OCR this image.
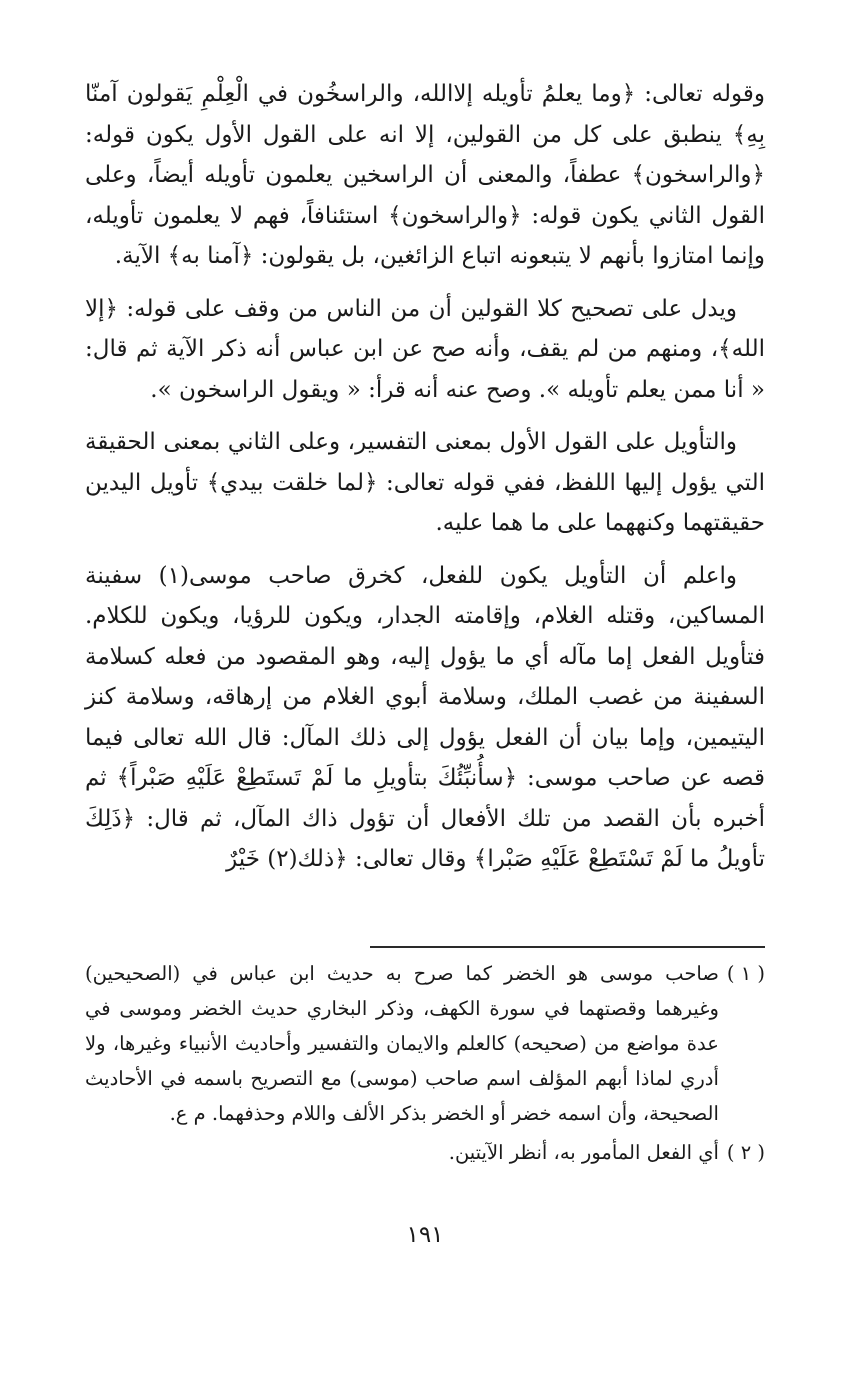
وقوله تعالى: ﴿وما يعلمُ تأويله إلاالله، والراسخُون في الْعِلْمِ يَقولون آمنّا بِهِ﴾ ينطبق على كل من القولين، إلا انه على القول الأول يكون قوله: ﴿والراسخون﴾ عطفاً، والمعنى أن الراسخين يعلمون تأويله أيضاً، وعلى القول الثاني يكون قوله: ﴿والراسخون﴾ استئنافاً، فهم لا يعلمون تأويله، وإنما امتازوا بأنهم لا يتبعونه اتباع الزائغين، بل يقولون: ﴿آمنا به﴾ الآية.

ويدل على تصحيح كلا القولين أن من الناس من وقف على قوله: ﴿إلا الله﴾، ومنهم من لم يقف، وأنه صح عن ابن عباس أنه ذكر الآية ثم قال: « أنا ممن يعلم تأويله ». وصح عنه أنه قرأ: « ويقول الراسخون ».

والتأويل على القول الأول بمعنى التفسير، وعلى الثاني بمعنى الحقيقة التي يؤول إليها اللفظ، ففي قوله تعالى: ﴿لما خلقت بيدي﴾ تأويل اليدين حقيقتهما وكنههما على ما هما عليه.

واعلم أن التأويل يكون للفعل، كخرق صاحب موسى(١) سفينة المساكين، وقتله الغلام، وإقامته الجدار، ويكون للرؤيا، ويكون للكلام. فتأويل الفعل إما مآله أي ما يؤول إليه، وهو المقصود من فعله كسلامة السفينة من غصب الملك، وسلامة أبوي الغلام من إرهاقه، وسلامة كنز اليتيمين، وإما بيان أن الفعل يؤول إلى ذلك المآل: قال الله تعالى فيما قصه عن صاحب موسى: ﴿سأُنبِّئُكَ بتأويلِ ما لَمْ تَستَطِعْ عَلَيْهِ صَبْراً﴾ ثم أخبره بأن القصد من تلك الأفعال أن تؤول ذاك المآل، ثم قال: ﴿ذَلِكَ تأويلُ ما لَمْ تَسْتَطِعْ عَلَيْهِ صَبْرا﴾ وقال تعالى: ﴿ذلك(٢) خَيْرٌ

( ١ )
صاحب موسى هو الخضر كما صرح به حديث ابن عباس في (الصحيحين) وغيرهما وقصتهما في سورة الكهف، وذكر البخاري حديث الخضر وموسى في عدة مواضع من (صحيحه) كالعلم والايمان والتفسير وأحاديث الأنبياء وغيرها، ولا أدري لماذا أبهم المؤلف اسم صاحب (موسى) مع التصريح باسمه في الأحاديث الصحيحة، وأن اسمه خضر أو الخضر بذكر الألف واللام وحذفهما. م ع.
( ٢ )
أي الفعل المأمور به، أنظر الآيتين.
١٩١
